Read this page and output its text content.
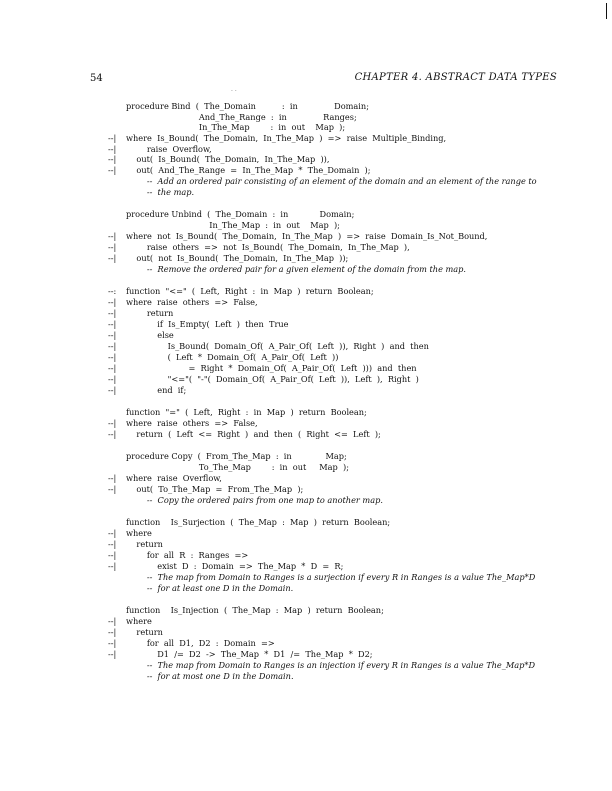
54	CHAPTER 4. ABSTRACT DATA TYPES
· ·
procedure Bind  (  The_Domain          :  in              Domain;
And_The_Range  :  in              Ranges;
In_The_Map        :  in  out    Map  );
--| where  Is_Bound(  The_Domain,  In_The_Map  )  =>  raise  Multiple_Binding,
--| raise  Overflow,
--| out(  Is_Bound(  The_Domain,  In_The_Map  )),
--| out(  And_The_Range  =  In_The_Map  *  The_Domain  );
--  Add an ordered pair consisting of an element of the domain and an element of the range to
--  the map.
procedure Unbind  (  The_Domain  :  in            Domain;
In_The_Map  :  in  out    Map  );
--| where  not  Is_Bound(  The_Domain,  In_The_Map  )  =>  raise  Domain_Is_Not_Bound,
--| raise  others  =>  not  Is_Bound(  The_Domain,  In_The_Map  ),
--| out(  not  Is_Bound(  The_Domain,  In_The_Map  ));
--  Remove the ordered pair for a given element of the domain from the map.
--: function  "<="  (  Left,  Right  :  in  Map  )  return  Boolean;
--| where  raise  others  =>  False,
--| return
--| if  Is_Empty(  Left  )  then  True
--| else
--| Is_Bound(  Domain_Of(  A_Pair_Of(  Left  )),  Right  )  and  then
--| (  Left  *  Domain_Of(  A_Pair_Of(  Left  ))
--| =  Right  *  Domain_Of(  A_Pair_Of(  Left  )))  and  then
--| "<="(  "-"(  Domain_Of(  A_Pair_Of(  Left  )),  Left  ),  Right  )
--| end  if;
function  "="  (  Left,  Right  :  in  Map  )  return  Boolean;
--| where  raise  others  =>  False,
--| return  (  Left  <=  Right  )  and  then  (  Right  <=  Left  );
procedure Copy  (  From_The_Map  :  in             Map;
To_The_Map        :  in  out     Map  );
--| where  raise  Overflow,
--| out(  To_The_Map  =  From_The_Map  );
--  Copy the ordered pairs from one map to another map.
function    Is_Surjection  (  The_Map  :  Map  )  return  Boolean;
--| where
--| return
--| for  all  R  :  Ranges  =>
--| exist  D  :  Domain  =>  The_Map  *  D  =  R;
--  The map from Domain to Ranges is a surjection if every R in Ranges is a value The_Map*D
--  for at least one D in the Domain.
function    Is_Injection  (  The_Map  :  Map  )  return  Boolean;
--| where
--| return
--| for  all  D1,  D2  :  Domain  =>
--| D1  /=  D2  ->  The_Map  *  D1  /=  The_Map  *  D2;
--  The map from Domain to Ranges is an injection if every R in Ranges is a value The_Map*D
--  for at most one D in the Domain.
